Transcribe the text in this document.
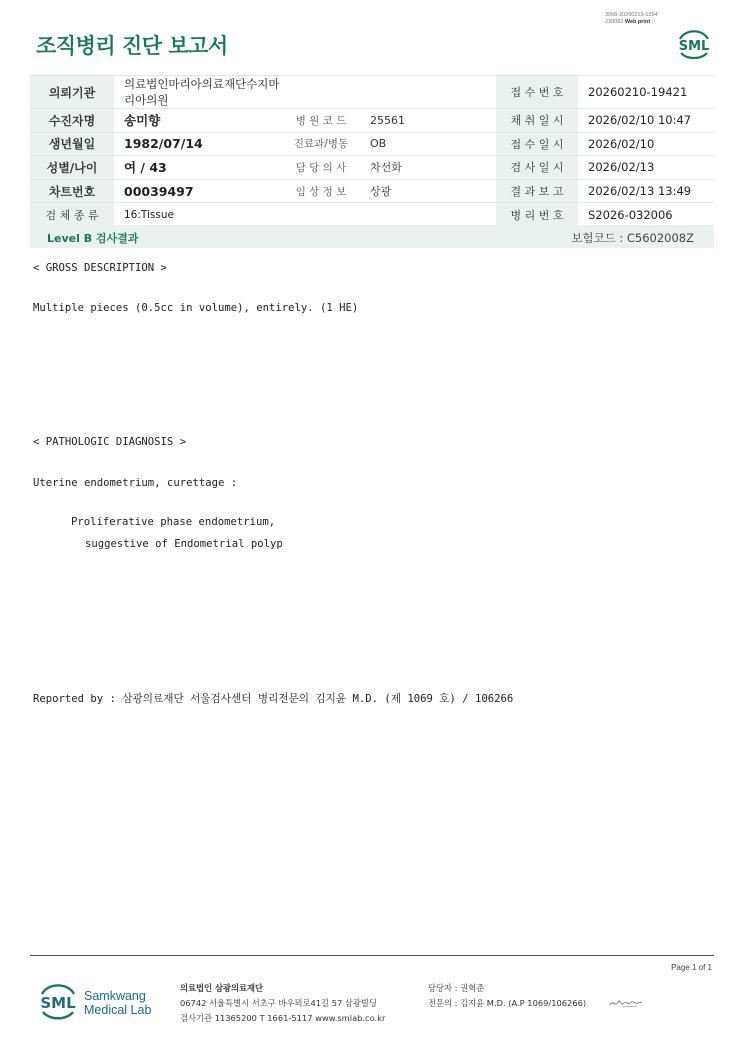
3068-20260213-1354
230083 Web print
조직병리 진단 보고서	SML
의뢰기관	의료법인마리아의료재단수지마리아의원			접 수 번 호	20260210-19421
수진자명	송미향	병 원 코 드	25561	채 취 일 시	2026/02/10 10:47
생년월일	1982/07/14	진료과/병동	OB	접 수 일 시	2026/02/10
성별/나이	여 / 43	담 당 의 사	차선화	검 사 일 시	2026/02/13
차트번호	00039497	임 상 정 보	상광	결 과 보 고	2026/02/13 13:49
검 체 종 류	16:Tissue			병 리 번 호	S2026-032006
Level B 검사결과	보험코드 : C5602008Z
< GROSS DESCRIPTION >
Multiple pieces (0.5cc in volume), entirely. (1 HE)
< PATHOLOGIC DIAGNOSIS >
Uterine endometrium, curettage :
Proliferative phase endometrium,
suggestive of Endometrial polyp
Reported by : 삼광의료재단 서울검사센터 병리전문의 김지윤 M.D. (제 1069 호) / 106266
Page 1 of 1
SML Samkwang
Medical Lab
의료법인 삼광의료재단
06742 서울특별시 서초구 바우뫼로41길 57 삼광빌딩
검사기관 11365200 T 1661-5117 www.smlab.co.kr
담당자 : 권혁준
전문의 : 김지윤 M.D. (A.P 1069/106266)
